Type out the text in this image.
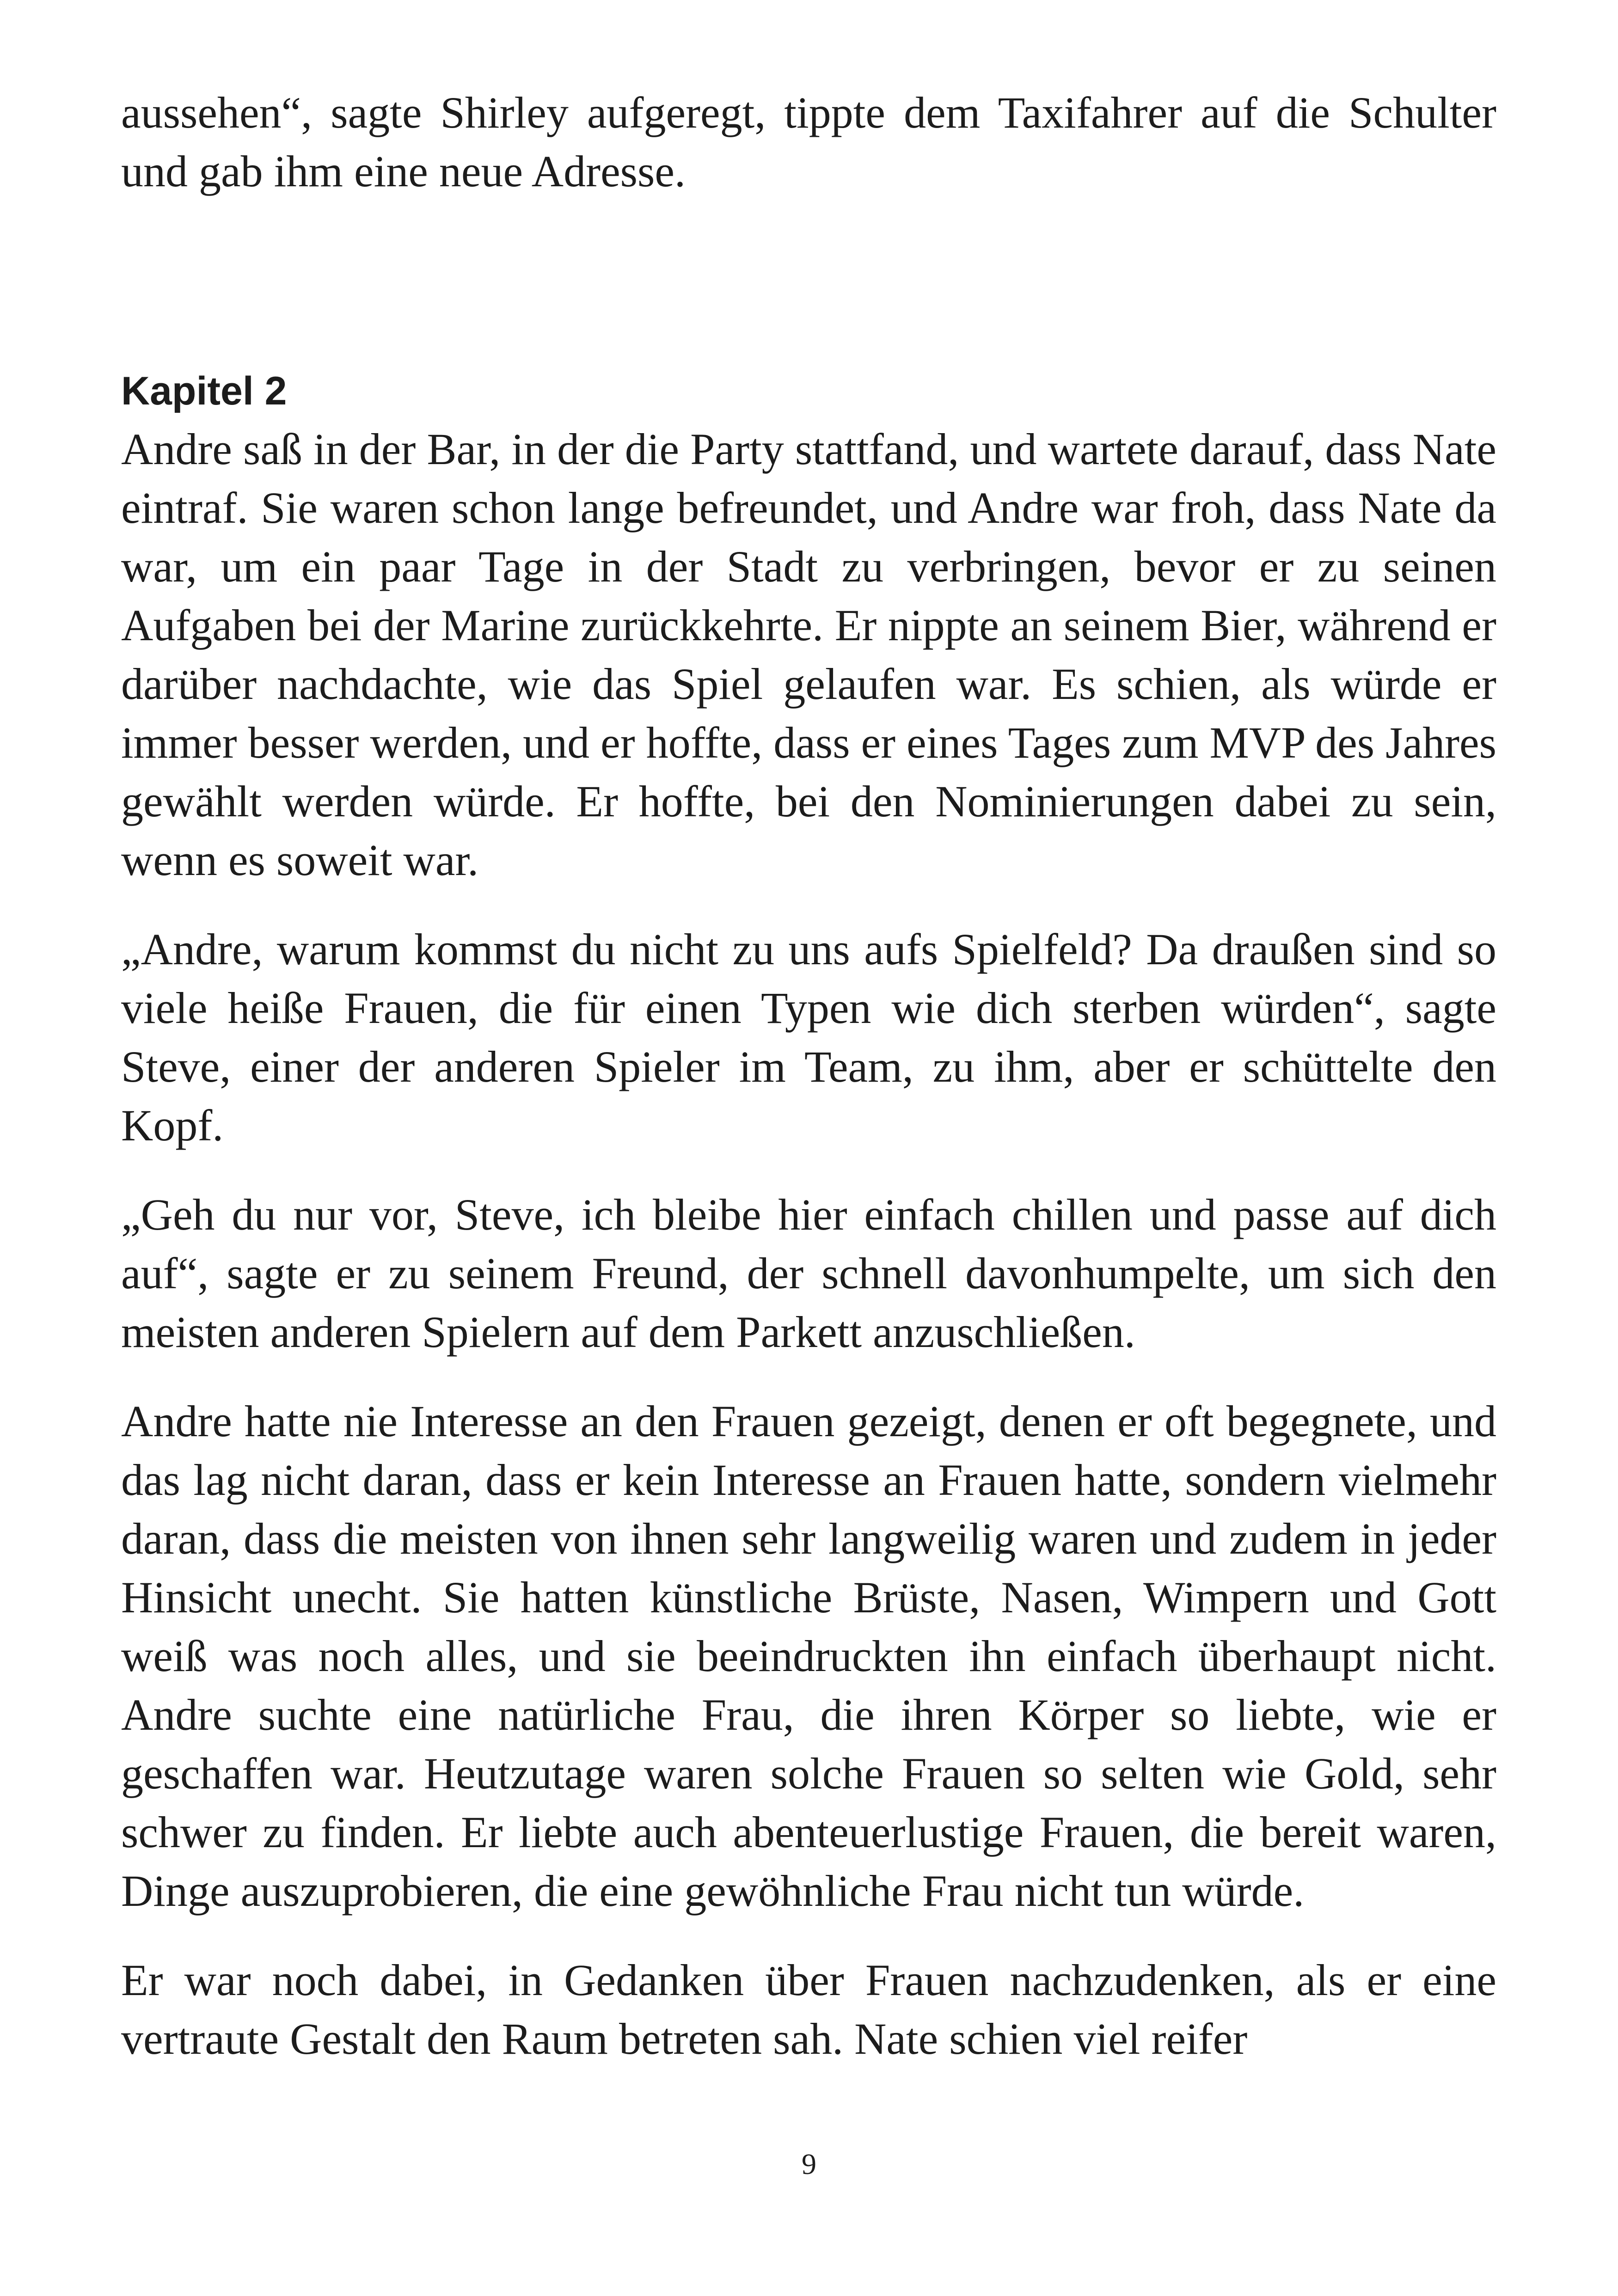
aussehen“, sagte Shirley aufgeregt, tippte dem Taxifahrer auf die Schulter und gab ihm eine neue Adresse.

Kapitel 2

Andre saß in der Bar, in der die Party stattfand, und wartete darauf, dass Nate eintraf. Sie waren schon lange befreundet, und Andre war froh, dass Nate da war, um ein paar Tage in der Stadt zu verbringen, bevor er zu seinen Aufgaben bei der Marine zurückkehrte. Er nippte an seinem Bier, während er darüber nachdachte, wie das Spiel gelaufen war. Es schien, als würde er immer besser werden, und er hoffte, dass er eines Tages zum MVP des Jahres gewählt werden würde. Er hoffte, bei den Nominierungen dabei zu sein, wenn es soweit war.

„Andre, warum kommst du nicht zu uns aufs Spielfeld? Da draußen sind so viele heiße Frauen, die für einen Typen wie dich sterben würden“, sagte Steve, einer der anderen Spieler im Team, zu ihm, aber er schüttelte den Kopf.

„Geh du nur vor, Steve, ich bleibe hier einfach chillen und passe auf dich auf“, sagte er zu seinem Freund, der schnell davonhumpelte, um sich den meisten anderen Spielern auf dem Parkett anzuschließen.

Andre hatte nie Interesse an den Frauen gezeigt, denen er oft begegnete, und das lag nicht daran, dass er kein Interesse an Frauen hatte, sondern vielmehr daran, dass die meisten von ihnen sehr langweilig waren und zudem in jeder Hinsicht unecht. Sie hatten künstliche Brüste, Nasen, Wimpern und Gott weiß was noch alles, und sie beeindruckten ihn einfach überhaupt nicht. Andre suchte eine natürliche Frau, die ihren Körper so liebte, wie er geschaffen war. Heutzutage waren solche Frauen so selten wie Gold, sehr schwer zu finden. Er liebte auch abenteuerlustige Frauen, die bereit waren, Dinge auszuprobieren, die eine gewöhnliche Frau nicht tun würde.

Er war noch dabei, in Gedanken über Frauen nachzudenken, als er eine vertraute Gestalt den Raum betreten sah. Nate schien viel reifer

9
